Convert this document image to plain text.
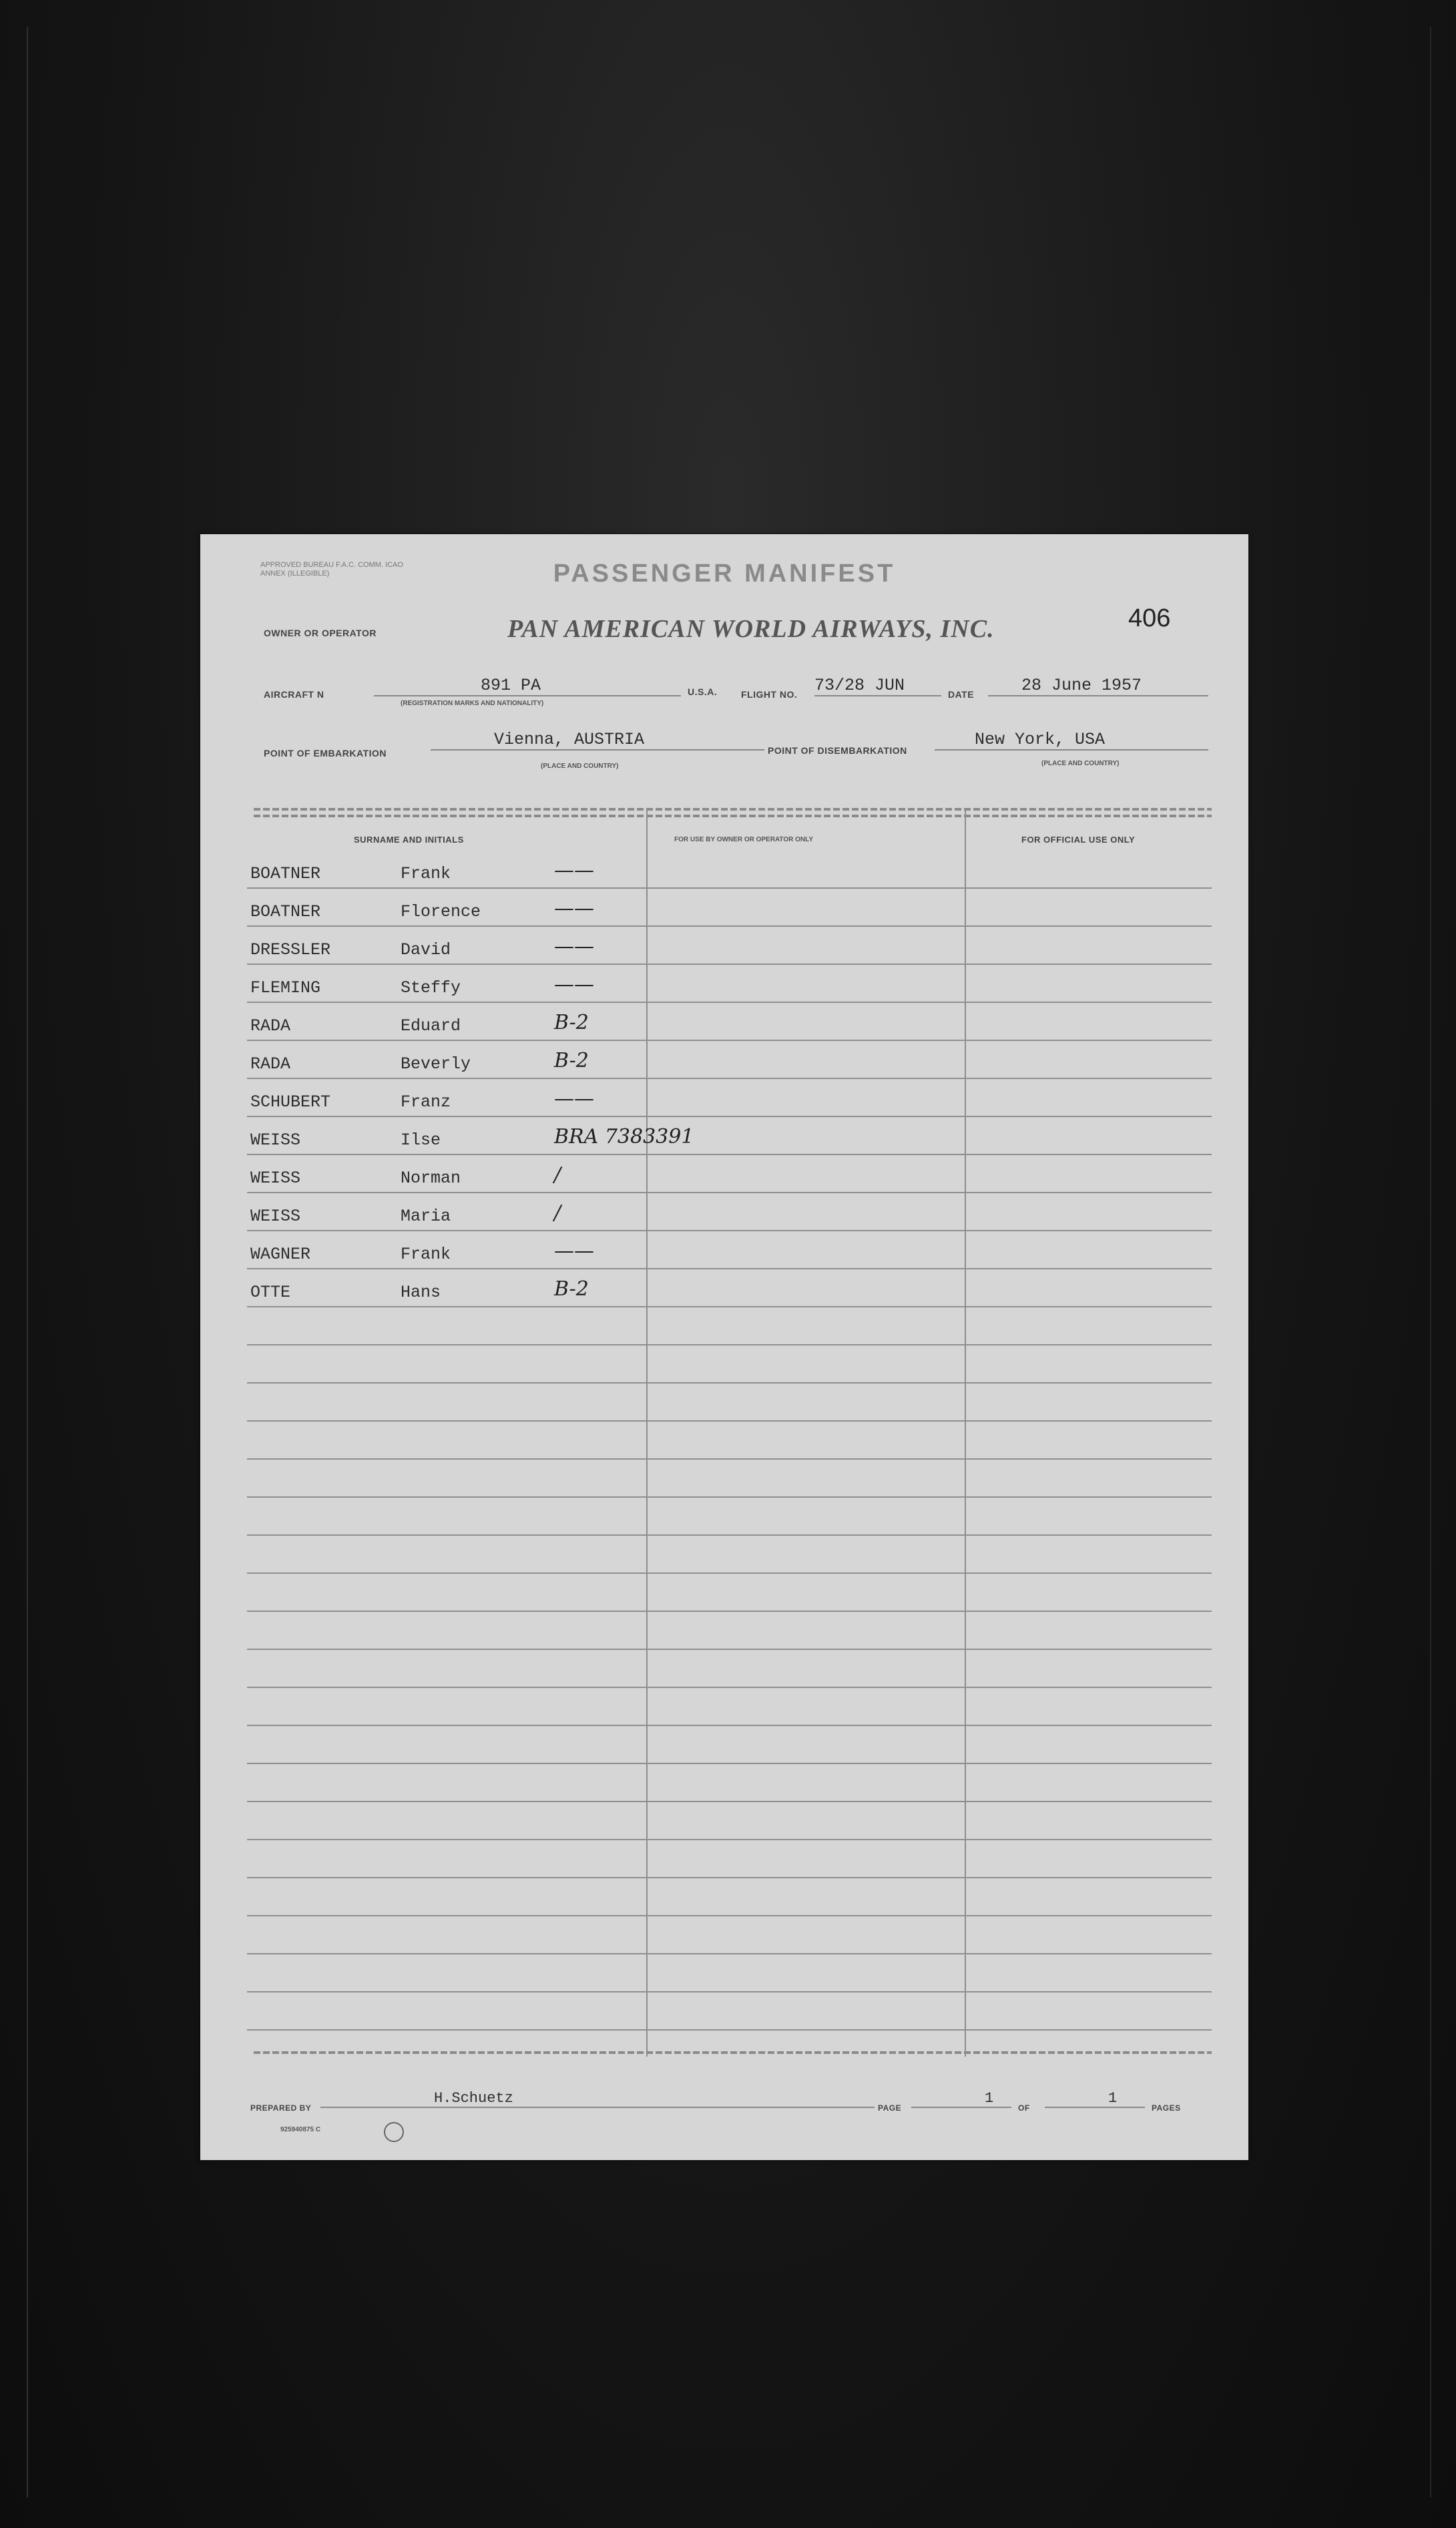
APPROVED BUREAU F.A.C. COMM. ICAO ANNEX (ILLEGIBLE)	PASSENGER MANIFEST
406
OWNER OR OPERATOR	PAN AMERICAN WORLD AIRWAYS, INC.
AIRCRAFT N	891 PA
(REGISTRATION MARKS AND NATIONALITY)
U.S.A.	FLIGHT NO. 73/28 JUN	DATE	28 June 1957
POINT OF EMBARKATION
Vienna, AUSTRIA
(PLACE AND COUNTRY)
POINT OF DISEMBARKATION
New York, USA
(PLACE AND COUNTRY)
SURNAME AND INITIALS	FOR USE BY OWNER OR OPERATOR ONLY	FOR OFFICIAL USE ONLY
BOATNER	Frank	——
BOATNER	Florence	——
DRESSLER	David	——
FLEMING	Steffy	——
RADA	Eduard	B-2
RADA	Beverly	B-2
SCHUBERT	Franz	——
WEISS	Ilse	BRA 7383391
WEISS	Norman	/
WEISS	Maria	/
WAGNER	Frank	——
OTTE	Hans	B-2
PREPARED BY
H.Schuetz
PAGE
1
OF
1
PAGES
925940875 C
